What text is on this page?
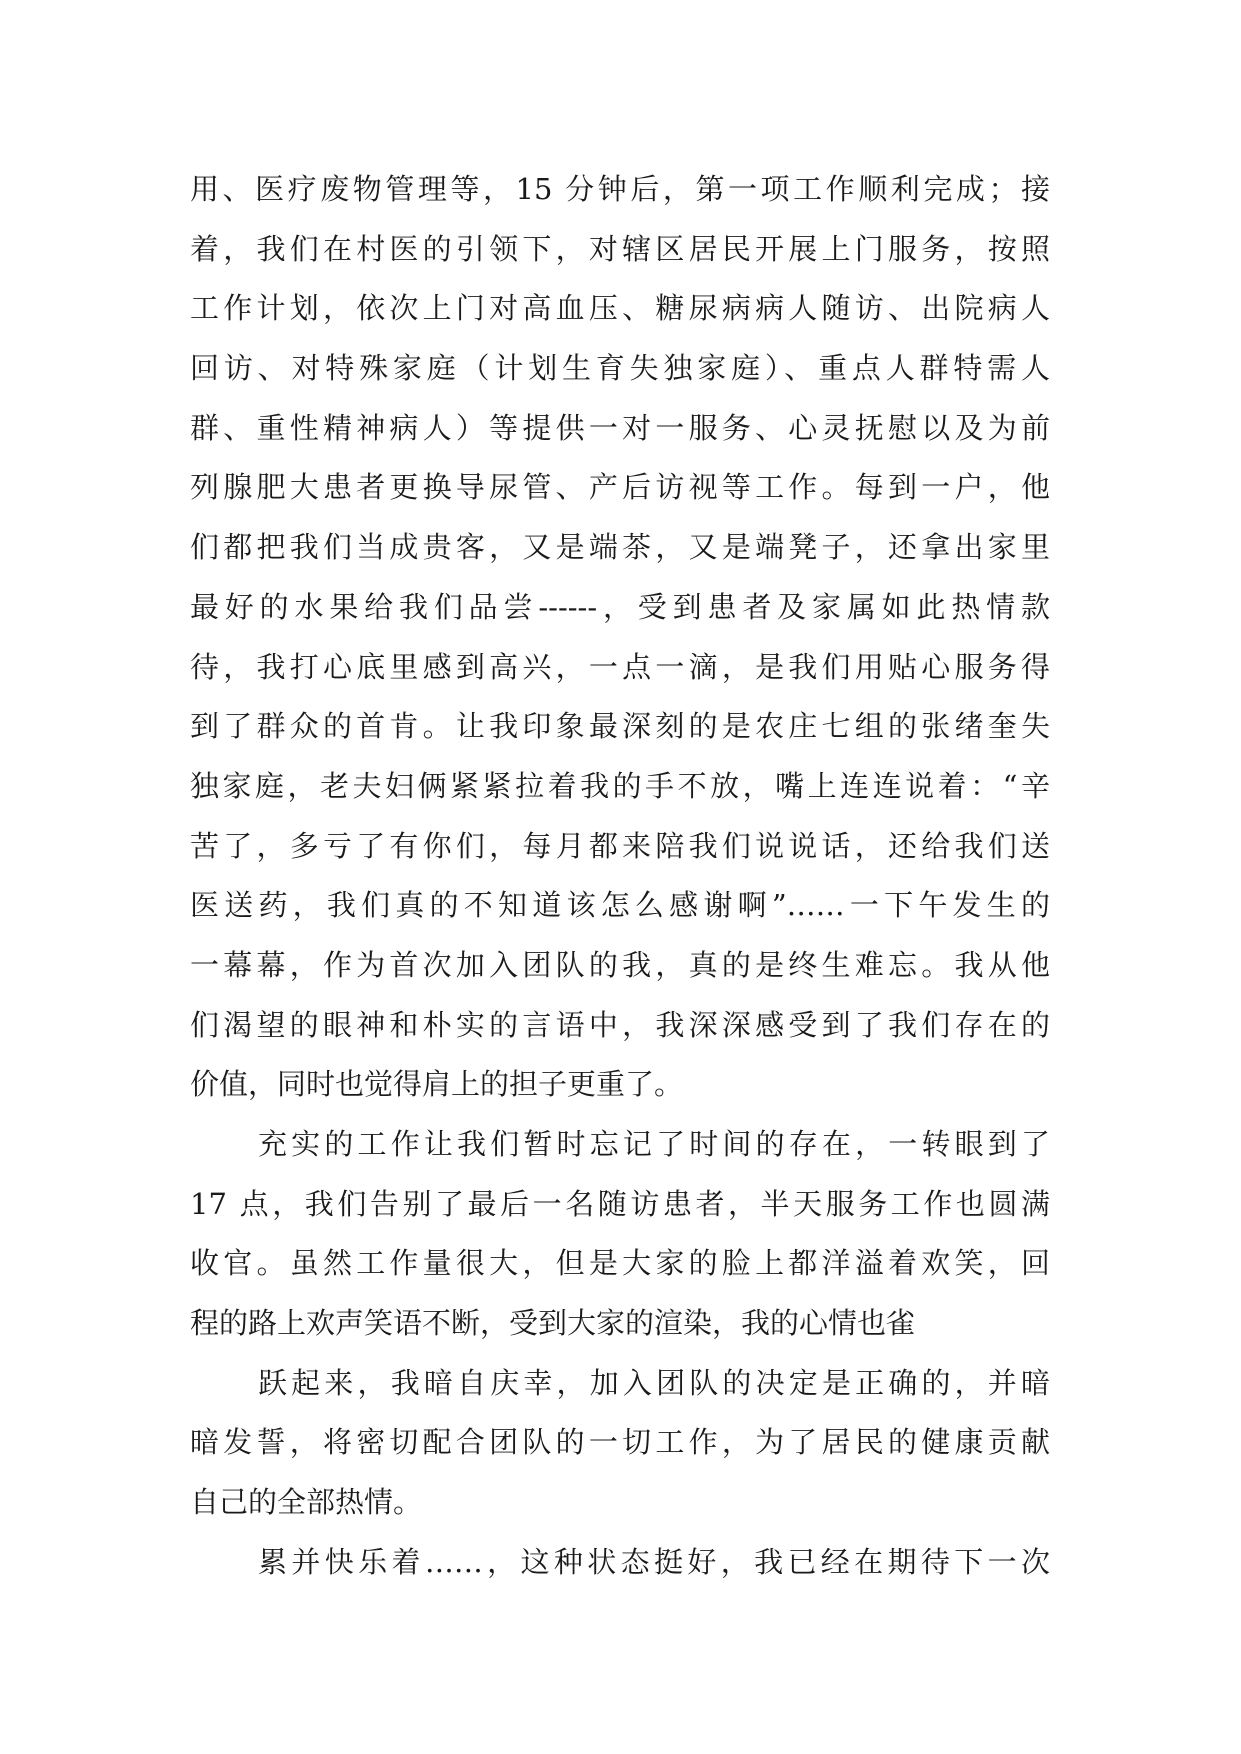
用、医疗废物管理等，15 分钟后，第一项工作顺利完成；接
着，我们在村医的引领下，对辖区居民开展上门服务，按照
工作计划，依次上门对高血压、糖尿病病人随访、出院病人
回访、对特殊家庭（计划生育失独家庭）、重点人群特需人
群、重性精神病人）等提供一对一服务、心灵抚慰以及为前
列腺肥大患者更换导尿管、产后访视等工作。每到一户，他
们都把我们当成贵客，又是端茶，又是端凳子，还拿出家里
最好的水果给我们品尝------，受到患者及家属如此热情款
待，我打心底里感到高兴，一点一滴，是我们用贴心服务得
到了群众的首肯。让我印象最深刻的是农庄七组的张绪奎失
独家庭，老夫妇俩紧紧拉着我的手不放，嘴上连连说着：“辛
苦了，多亏了有你们，每月都来陪我们说说话，还给我们送
医送药，我们真的不知道该怎么感谢啊”……一下午发生的
一幕幕，作为首次加入团队的我，真的是终生难忘。我从他
们渴望的眼神和朴实的言语中，我深深感受到了我们存在的
价值，同时也觉得肩上的担子更重了。
充实的工作让我们暂时忘记了时间的存在，一转眼到了
17 点，我们告别了最后一名随访患者，半天服务工作也圆满
收官。虽然工作量很大，但是大家的脸上都洋溢着欢笑，回
程的路上欢声笑语不断，受到大家的渲染，我的心情也雀
跃起来，我暗自庆幸，加入团队的决定是正确的，并暗
暗发誓，将密切配合团队的一切工作，为了居民的健康贡献
自己的全部热情。
累并快乐着……，这种状态挺好，我已经在期待下一次
